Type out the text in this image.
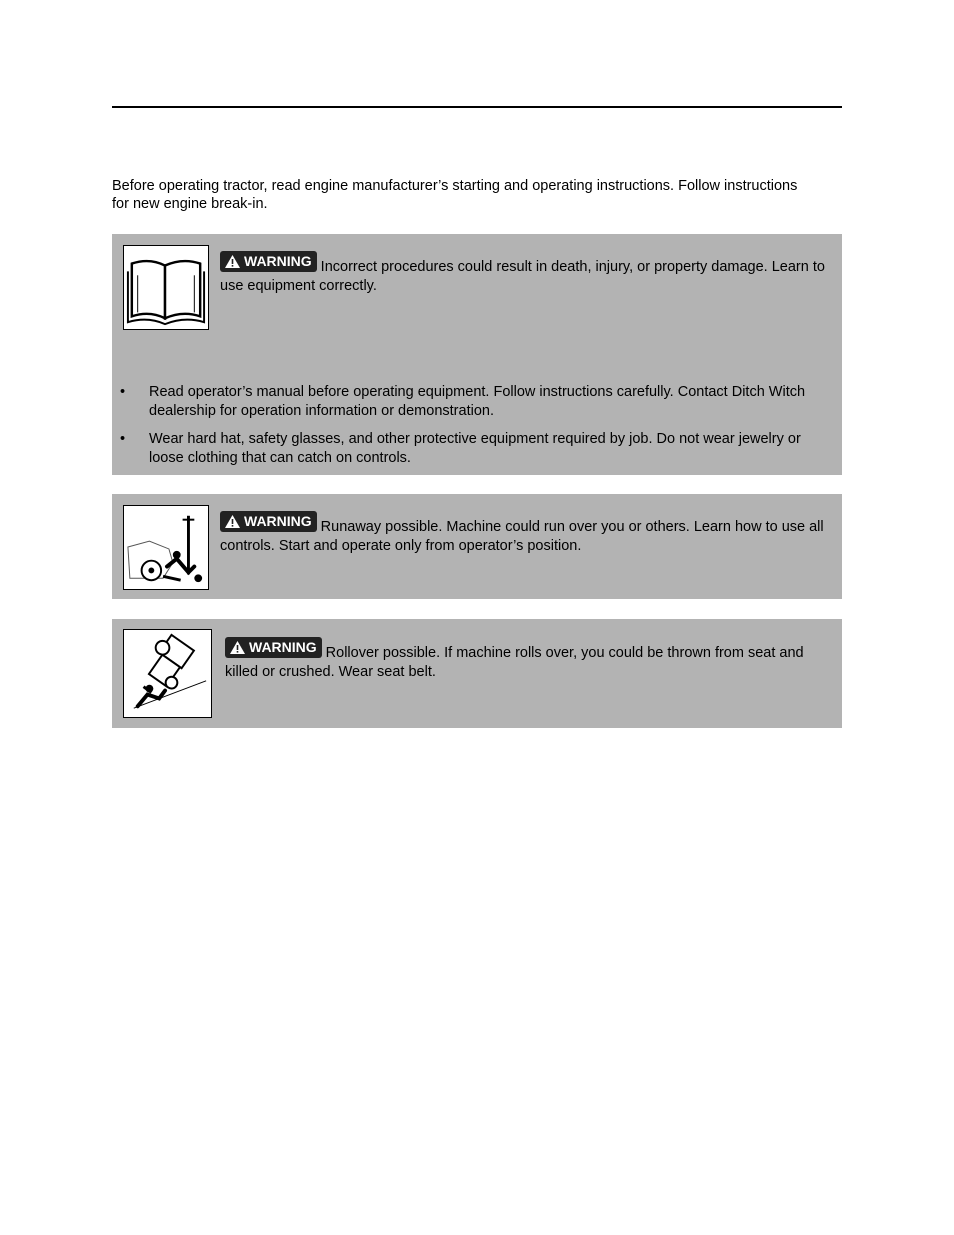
Before operating tractor, read engine manufacturer’s starting and operating instructions. Follow instructions for new engine break-in.
WARNING Incorrect procedures could result in death, injury, or property damage. Learn to use equipment correctly.
• Read operator’s manual before operating equipment. Follow instructions carefully. Contact Ditch Witch dealership for operation information or demonstration.
• Wear hard hat, safety glasses, and other protective equipment required by job. Do not wear jewelry or loose clothing that can catch on controls.
WARNING Runaway possible. Machine could run over you or others. Learn how to use all controls. Start and operate only from operator’s position.
WARNING Rollover possible. If machine rolls over, you could be thrown from seat and killed or crushed. Wear seat belt.
